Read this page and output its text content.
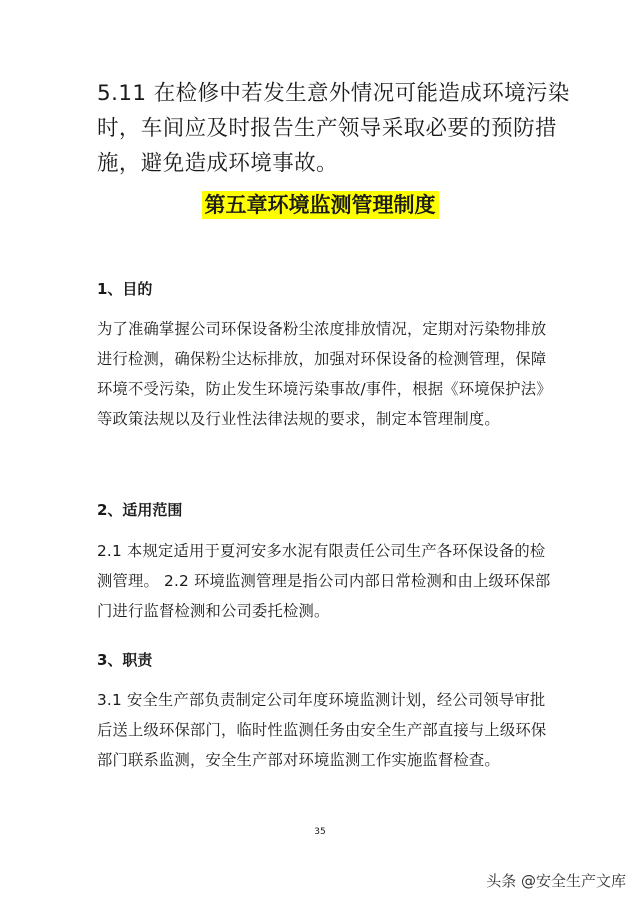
5.11 在检修中若发生意外情况可能造成环境污染时，车间应及时报告生产领导采取必要的预防措施，避免造成环境事故。

第五章环境监测管理制度
1、目的

为了准确掌握公司环保设备粉尘浓度排放情况，定期对污染物排放进行检测，确保粉尘达标排放，加强对环保设备的检测管理，保障环境不受污染，防止发生环境污染事故/事件，根据《环境保护法》等政策法规以及行业性法律法规的要求，制定本管理制度。

2、适用范围

2.1 本规定适用于夏河安多水泥有限责任公司生产各环保设备的检测管理。 2.2 环境监测管理是指公司内部日常检测和由上级环保部门进行监督检测和公司委托检测。

3、职责

3.1 安全生产部负责制定公司年度环境监测计划，经公司领导审批后送上级环保部门，临时性监测任务由安全生产部直接与上级环保部门联系监测，安全生产部对环境监测工作实施监督检查。

35

头条 @安全生产文库
